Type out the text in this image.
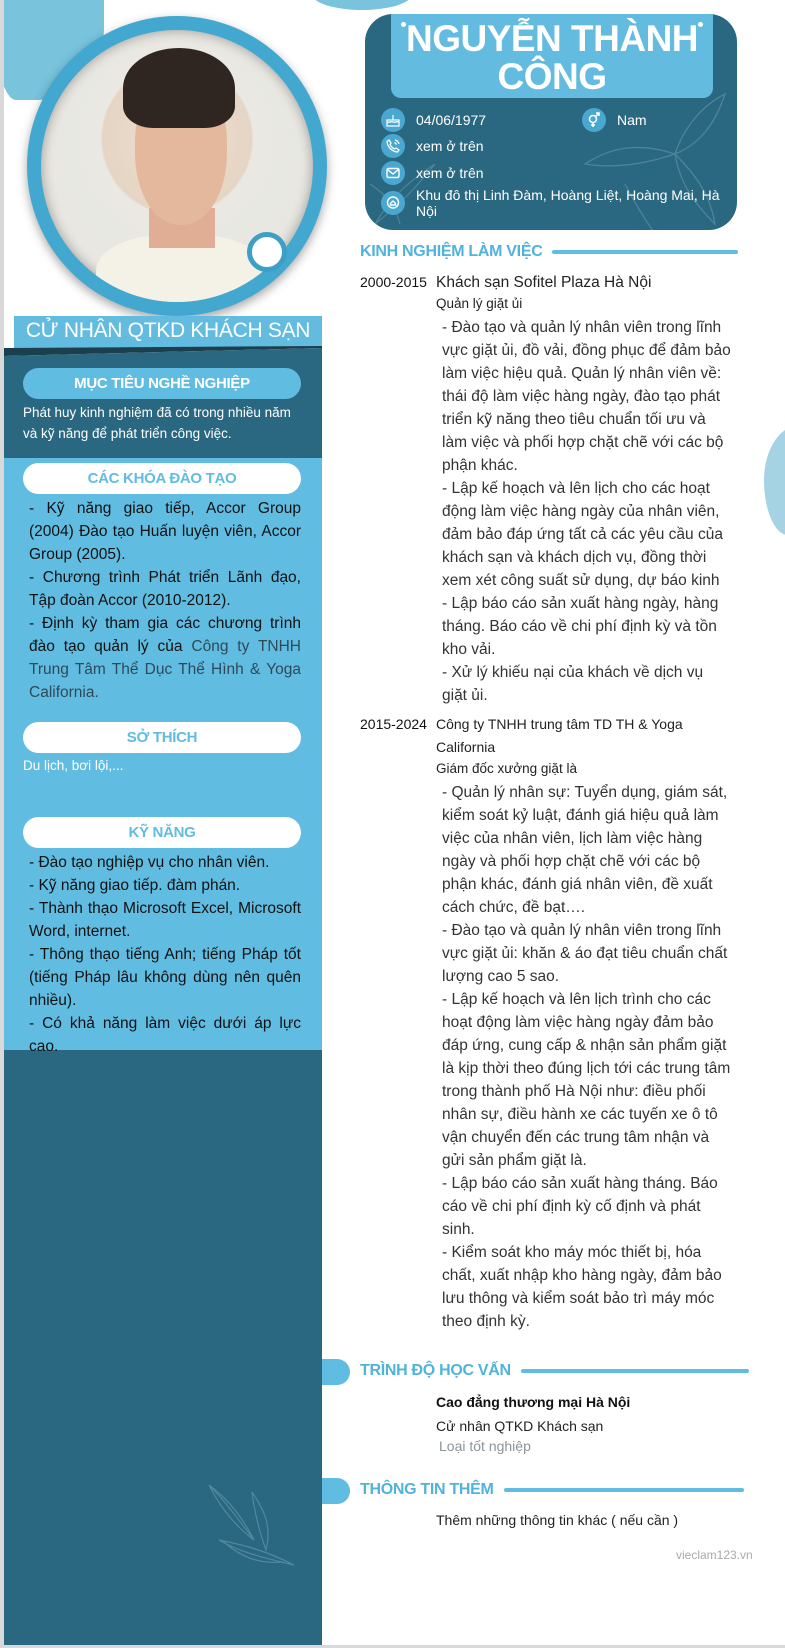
CỬ NHÂN QTKD KHÁCH SẠN
MỤC TIÊU NGHỀ NGHIỆP
Phát huy kinh nghiệm đã có trong nhiều năm và kỹ năng để phát triển công việc.
CÁC KHÓA ĐÀO TẠO
- Kỹ năng giao tiếp, Accor Group (2004) Đào tạo Huấn luyện viên, Accor Group (2005).
- Chương trình Phát triển Lãnh đạo, Tập đoàn Accor (2010-2012).
- Định kỳ tham gia các chương trình đào tạo quản lý của Công ty TNHH Trung Tâm Thể Dục Thể Hình & Yoga California.
SỞ THÍCH
Du lịch, bơi lội,...
KỸ NĂNG
- Đào tạo nghiệp vụ cho nhân viên.
- Kỹ năng giao tiếp. đàm phán.
- Thành thạo Microsoft Excel, Microsoft Word, internet.
- Thông thạo tiếng Anh; tiếng Pháp tốt (tiếng Pháp lâu không dùng nên quên nhiều).
- Có khả năng làm việc dưới áp lực cao.
NGUYỄN THÀNH
CÔNG
04/06/1977	Nam
xem ở trên
xem ở trên
Khu đô thị Linh Đàm, Hoàng Liệt, Hoàng Mai, Hà Nội
KINH NGHIỆM LÀM VIỆC
2000-2015 Khách sạn Sofitel Plaza Hà Nội
Quản lý giặt ủi
- Đào tạo và quản lý nhân viên trong lĩnh vực giặt ủi, đồ vải, đồng phục để đảm bảo làm việc hiệu quả. Quản lý nhân viên về: thái độ làm việc hàng ngày, đào tạo phát triển kỹ năng theo tiêu chuẩn tối ưu và làm việc và phối hợp chặt chẽ với các bộ phận khác.
- Lập kế hoạch và lên lịch cho các hoạt động làm việc hàng ngày của nhân viên, đảm bảo đáp ứng tất cả các yêu cầu của khách sạn và khách dịch vụ, đồng thời xem xét công suất sử dụng, dự báo kinh
- Lập báo cáo sản xuất hàng ngày, hàng tháng. Báo cáo về chi phí định kỳ và tồn kho vải.
- Xử lý khiếu nại của khách về dịch vụ giặt ủi.
2015-2024 Công ty TNHH trung tâm TD TH & Yoga California
Giám đốc xưởng giặt là
- Quản lý nhân sự: Tuyển dụng, giám sát, kiểm soát kỷ luật, đánh giá hiệu quả làm việc của nhân viên, lịch làm việc hàng ngày và phối hợp chặt chẽ với các bộ phận khác, đánh giá nhân viên, đề xuất cách chức, đề bạt….
- Đào tạo và quản lý nhân viên trong lĩnh vực giặt ủi: khăn & áo đạt tiêu chuẩn chất lượng cao 5 sao.
- Lập kế hoạch và lên lịch trình cho các hoạt động làm việc hàng ngày đảm bảo đáp ứng, cung cấp & nhận sản phẩm giặt là kịp thời theo đúng lịch tới các trung tâm trong thành phố Hà Nội như: điều phối nhân sự, điều hành xe các tuyến xe ô tô vận chuyển đến các trung tâm nhận và gửi sản phẩm giặt là.
- Lập báo cáo sản xuất hàng tháng. Báo cáo về chi phí định kỳ cố định và phát sinh.
- Kiểm soát kho máy móc thiết bị, hóa chất, xuất nhập kho hàng ngày, đảm bảo lưu thông và kiểm soát bảo trì máy móc theo định kỳ.
TRÌNH ĐỘ HỌC VẤN
Cao đẳng thương mại Hà Nội
Cử nhân QTKD Khách sạn
Loại tốt nghiệp
THÔNG TIN THÊM
Thêm những thông tin khác ( nếu cần )
vieclam123.vn
